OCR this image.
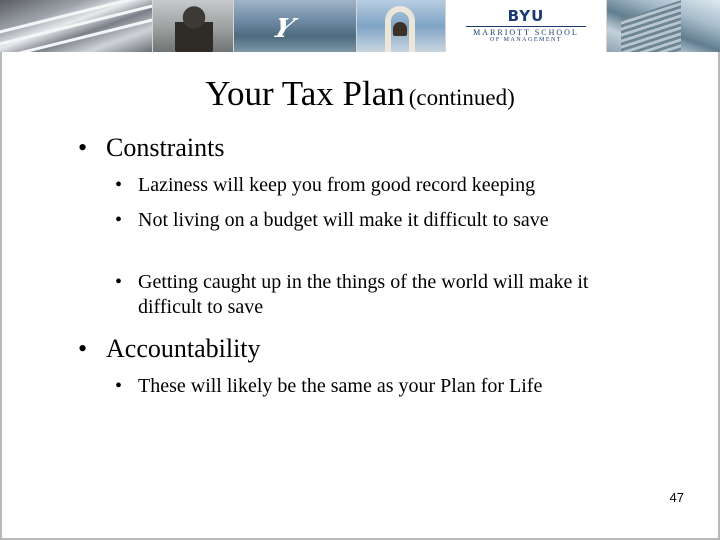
Y	BYU
MARRIOTT SCHOOL
OF MANAGEMENT
Your Tax Plan (continued)
• Constraints
• Laziness will keep you from good record keeping
• Not living on a budget will make it difficult to save
• Getting caught up in the things of the world will make it difficult to save
• Accountability
• These will likely be the same as your Plan for Life
47
